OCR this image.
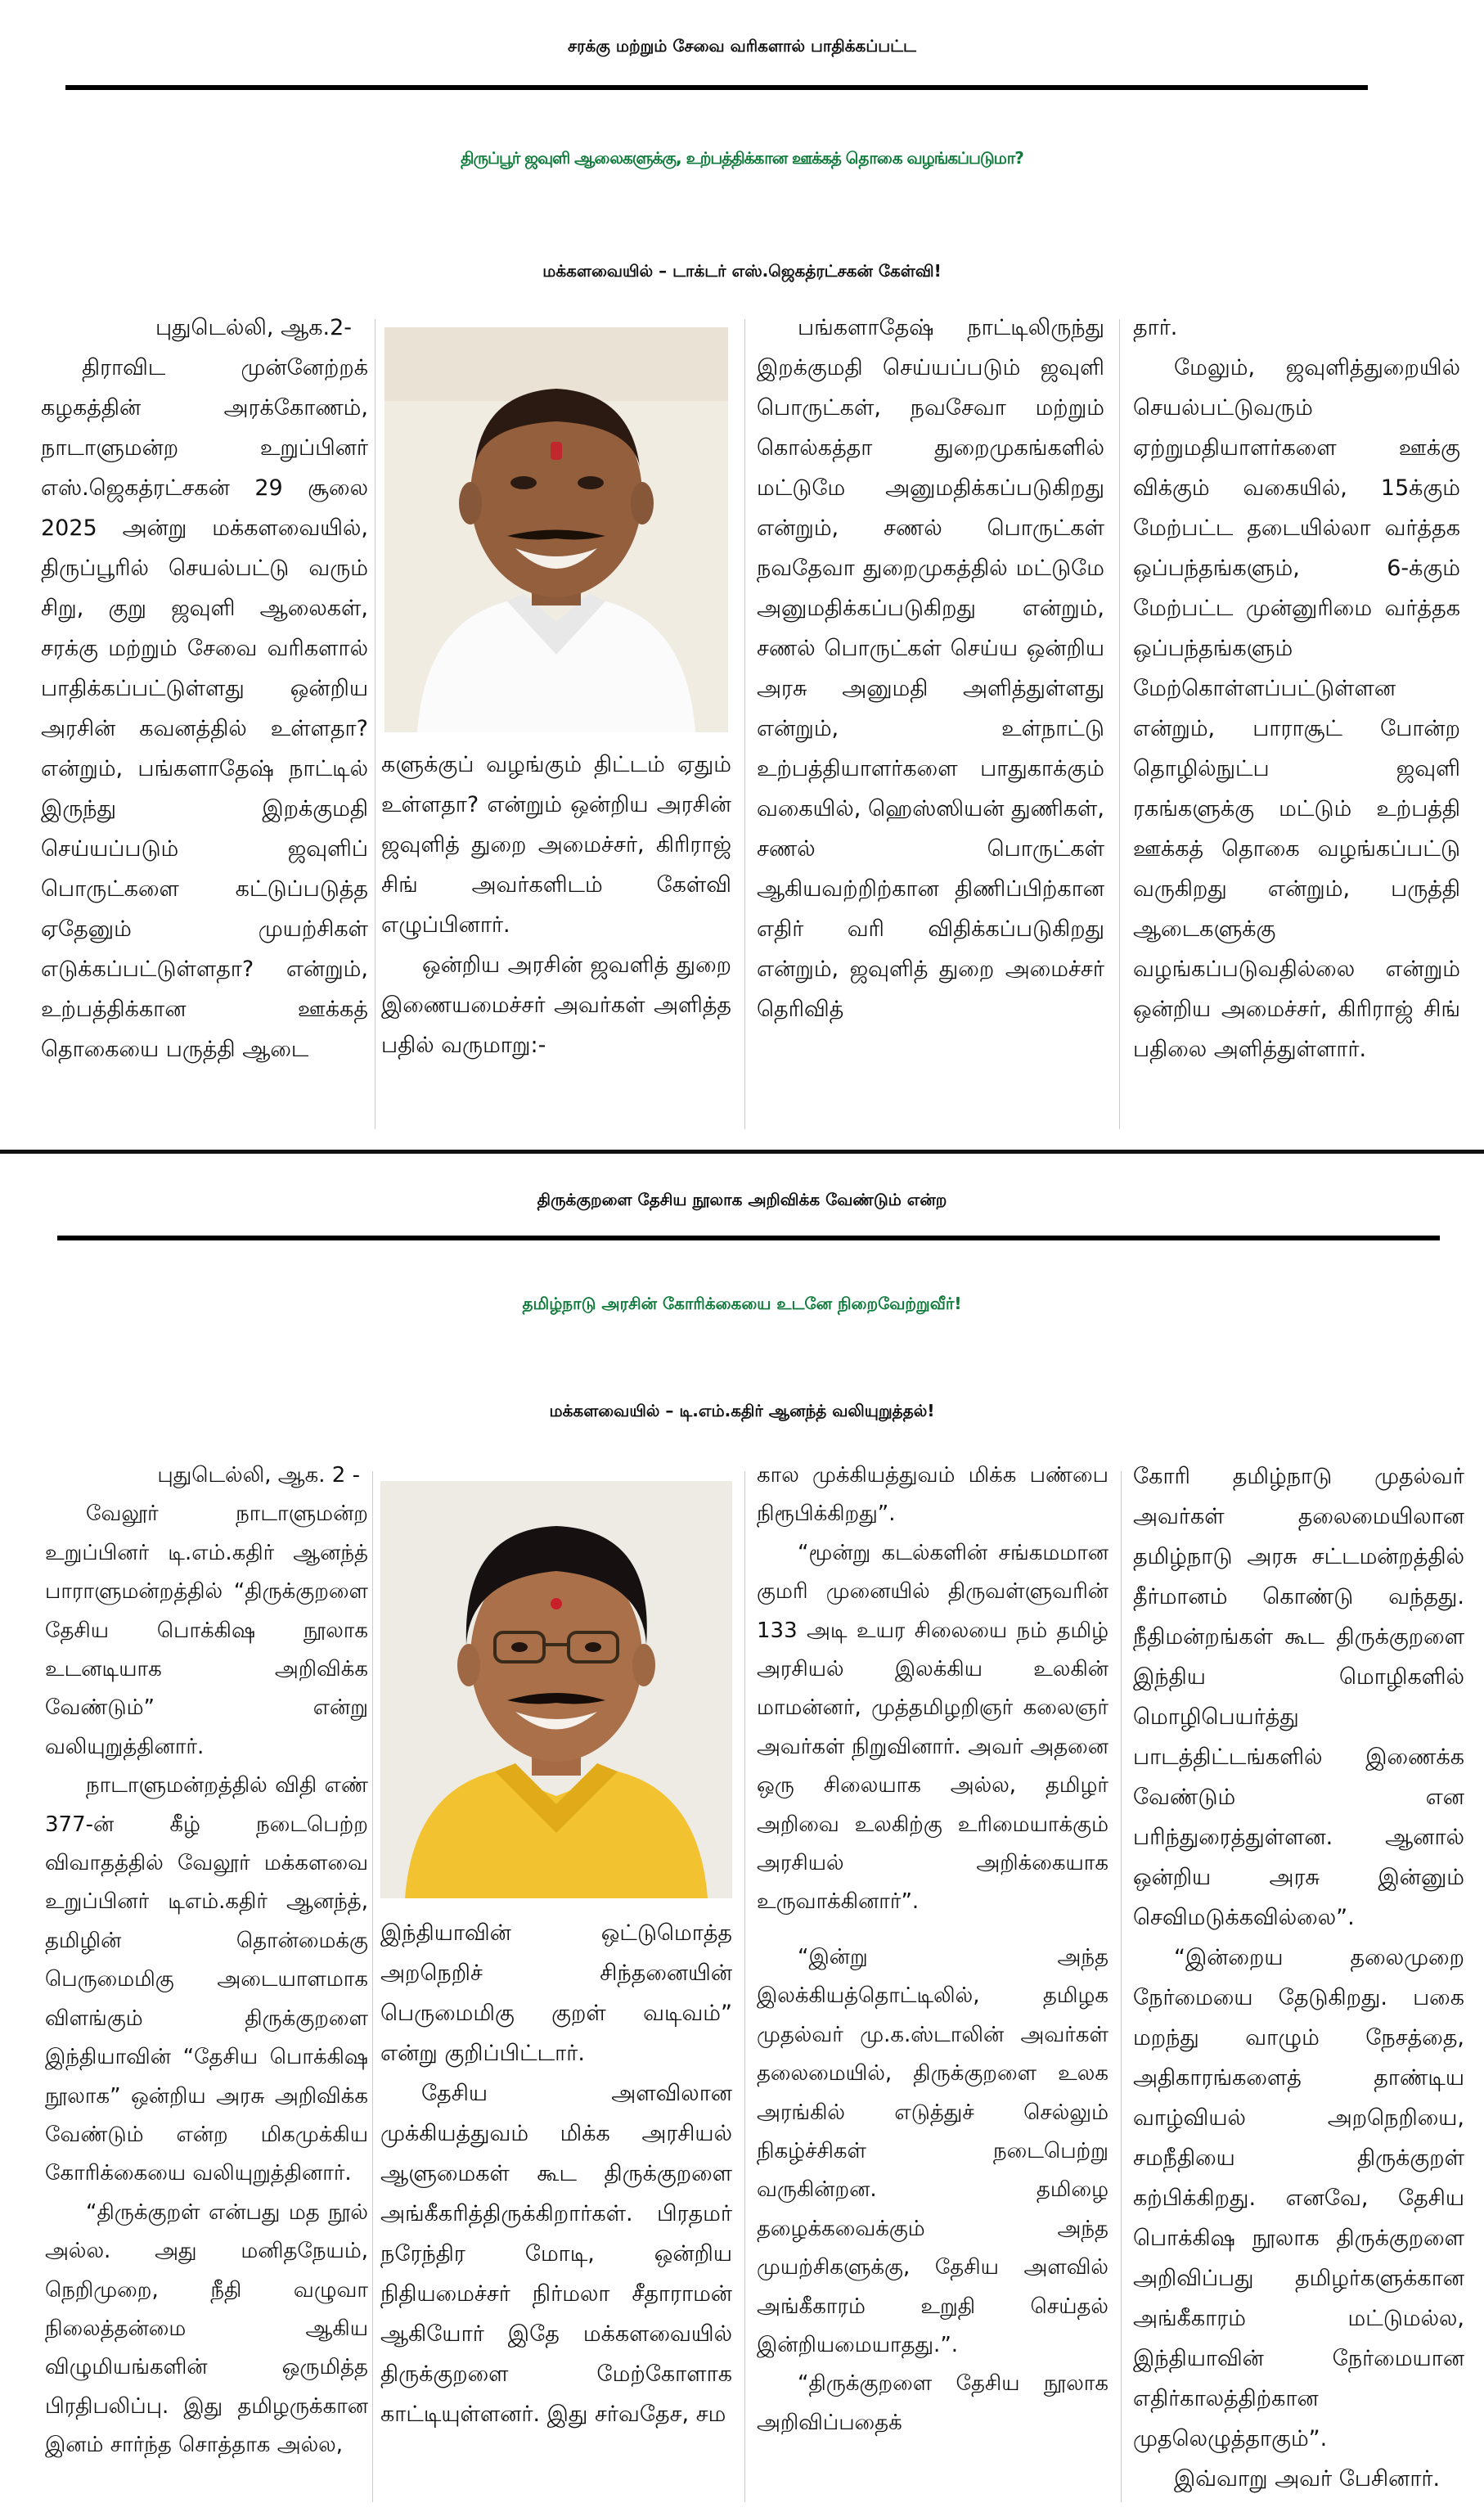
சரக்கு மற்றும் சேவை வரிகளால் பாதிக்கப்பட்ட
திருப்பூர் ஜவுளி ஆலைகளுக்கு, உற்பத்திக்கான ஊக்கத் தொகை வழங்கப்படுமா?
மக்களவையில் – டாக்டர் எஸ்.ஜெகத்ரட்சகன் கேள்வி!

புதுடெல்லி, ஆக.2-

திராவிட முன்னேற்றக் கழகத்தின் அரக்கோணம், நாடாளுமன்ற உறுப்பினர் எஸ்.ஜெகத்ரட்சகன் 29 சூலை 2025 அன்று மக்களவையில், திருப்பூரில் செயல்பட்டு வரும் சிறு, குறு ஜவுளி ஆலைகள், சரக்கு மற்றும் சேவை வரிகளால் பாதிக்கப்பட்டுள்ளது ஒன்றிய அரசின் கவனத்தில் உள்ளதா? என்றும், பங்களாதேஷ் நாட்டில் இருந்து இறக்குமதி செய்யப்படும் ஜவுளிப் பொருட்களை கட்டுப்படுத்த ஏதேனும் முயற்சிகள் எடுக்கப்பட்டுள்ளதா? என்றும், உற்பத்திக்கான ஊக்கத் தொகையை பருத்தி ஆடை

களுக்குப் வழங்கும் திட்டம் ஏதும் உள்ளதா? என்றும் ஒன்றிய அரசின் ஜவுளித் துறை அமைச்சர், கிரிராஜ் சிங் அவர்களிடம் கேள்வி எழுப்பினார்.

ஒன்றிய அரசின் ஜவளித் துறை இணையமைச்சர் அவர்கள் அளித்த பதில் வருமாறு:-

பங்களாதேஷ் நாட்டிலிருந்து இறக்குமதி செய்யப்படும் ஜவுளி பொருட்கள், நவசேவா மற்றும் கொல்கத்தா துறைமுகங்களில் மட்டுமே அனுமதிக்கப்படுகிறது என்றும், சணல் பொருட்கள் நவதேவா துறைமுகத்தில் மட்டுமே அனுமதிக்கப்படுகிறது என்றும், சணல் பொருட்கள் செய்ய ஒன்றிய அரசு அனுமதி அளித்துள்ளது என்றும், உள்நாட்டு உற்பத்தியாளர்களை பாதுகாக்கும் வகையில், ஹெஸ்ஸியன் துணிகள், சணல் பொருட்கள் ஆகியவற்றிற்கான திணிப்பிற்கான எதிர் வரி விதிக்கப்படுகிறது என்றும், ஜவுளித் துறை அமைச்சர் தெரிவித்

தார்.

மேலும், ஜவுளித்துறையில் செயல்பட்டுவரும் ஏற்றுமதியாளர்களை ஊக்கு விக்கும் வகையில், 15க்கும் மேற்பட்ட தடையில்லா வர்த்தக ஒப்பந்தங்களும், 6-க்கும் மேற்பட்ட முன்னுரிமை வர்த்தக ஒப்பந்தங்களும் மேற்கொள்ளப்பட்டுள்ளன என்றும், பாராசூட் போன்ற தொழில்நுட்ப ஜவுளி ரகங்களுக்கு மட்டும் உற்பத்தி ஊக்கத் தொகை வழங்கப்பட்டு வருகிறது என்றும், பருத்தி ஆடைகளுக்கு வழங்கப்படுவதில்லை என்றும் ஒன்றிய அமைச்சர், கிரிராஜ் சிங் பதிலை அளித்துள்ளார்.

திருக்குறளை தேசிய நூலாக அறிவிக்க வேண்டும் என்ற
தமிழ்நாடு அரசின் கோரிக்கையை உடனே நிறைவேற்றுவீர்!
மக்களவையில் – டி.எம்.கதிர் ஆனந்த் வலியுறுத்தல்!

புதுடெல்லி, ஆக. 2 -

வேலூர் நாடாளுமன்ற உறுப்பினர் டி.எம்.கதிர் ஆனந்த் பாராளுமன்றத்தில் “திருக்குறளை தேசிய பொக்கிஷ நூலாக உடனடியாக அறிவிக்க வேண்டும்” என்று வலியுறுத்தினார்.

நாடாளுமன்றத்தில் விதி எண் 377-ன் கீழ் நடைபெற்ற விவாதத்தில் வேலூர் மக்களவை உறுப்பினர் டிஎம்.கதிர் ஆனந்த், தமிழின் தொன்மைக்கு பெருமைமிகு அடையாளமாக விளங்கும் திருக்குறளை இந்தியாவின் “தேசிய பொக்கிஷ நூலாக” ஒன்றிய அரசு அறிவிக்க வேண்டும் என்ற மிகமுக்கிய கோரிக்கையை வலியுறுத்தினார்.

“திருக்குறள் என்பது மத நூல் அல்ல. அது மனிதநேயம், நெறிமுறை, நீதி வழுவா நிலைத்தன்மை ஆகிய விழுமியங்களின் ஒருமித்த பிரதிபலிப்பு. இது தமிழருக்கான இனம் சார்ந்த சொத்தாக அல்ல,

இந்தியாவின் ஒட்டுமொத்த அறநெறிச் சிந்தனையின் பெருமைமிகு குறள் வடிவம்” என்று குறிப்பிட்டார்.

தேசிய அளவிலான முக்கியத்துவம் மிக்க அரசியல் ஆளுமைகள் கூட திருக்குறளை அங்கீகரித்திருக்கிறார்கள். பிரதமர் நரேந்திர மோடி, ஒன்றிய நிதியமைச்சர் நிர்மலா சீதாராமன் ஆகியோர் இதே மக்களவையில் திருக்குறளை மேற்கோளாக காட்டியுள்ளனர். இது சர்வதேச, சம

கால முக்கியத்துவம் மிக்க பண்பை நிரூபிக்கிறது”.

“மூன்று கடல்களின் சங்கமமான குமரி முனையில் திருவள்ளுவரின் 133 அடி உயர சிலையை நம் தமிழ் அரசியல் இலக்கிய உலகின் மாமன்னர், முத்தமிழறிஞர் கலைஞர் அவர்கள் நிறுவினார். அவர் அதனை ஒரு சிலையாக அல்ல, தமிழர் அறிவை உலகிற்கு உரிமையாக்கும் அரசியல் அறிக்கையாக உருவாக்கினார்”.

“இன்று அந்த இலக்கியத்தொட்டிலில், தமிழக முதல்வர் மு.க.ஸ்டாலின் அவர்கள் தலைமையில், திருக்குறளை உலக அரங்கில் எடுத்துச் செல்லும் நிகழ்ச்சிகள் நடைபெற்று வருகின்றன. தமிழை தழைக்கவைக்கும் அந்த முயற்சிகளுக்கு, தேசிய அளவில் அங்கீகாரம் உறுதி செய்தல் இன்றியமையாதது.”.

“திருக்குறளை தேசிய நூலாக அறிவிப்பதைக்

கோரி தமிழ்நாடு முதல்வர் அவர்கள் தலைமையிலான தமிழ்நாடு அரசு சட்டமன்றத்தில் தீர்மானம் கொண்டு வந்தது. நீதிமன்றங்கள் கூட திருக்குறளை இந்திய மொழிகளில் மொழிபெயர்த்து பாடத்திட்டங்களில் இணைக்க வேண்டும் என பரிந்துரைத்துள்ளன. ஆனால் ஒன்றிய அரசு இன்னும் செவிமடுக்கவில்லை”.

“இன்றைய தலைமுறை நேர்மையை தேடுகிறது. பகை மறந்து வாழும் நேசத்தை, அதிகாரங்களைத் தாண்டிய வாழ்வியல் அறநெறியை, சமநீதியை திருக்குறள் கற்பிக்கிறது. எனவே, தேசிய பொக்கிஷ நூலாக திருக்குறளை அறிவிப்பது தமிழர்களுக்கான அங்கீகாரம் மட்டுமல்ல, இந்தியாவின் நேர்மையான எதிர்காலத்திற்கான முதலெழுத்தாகும்”.

இவ்வாறு அவர் பேசினார்.
